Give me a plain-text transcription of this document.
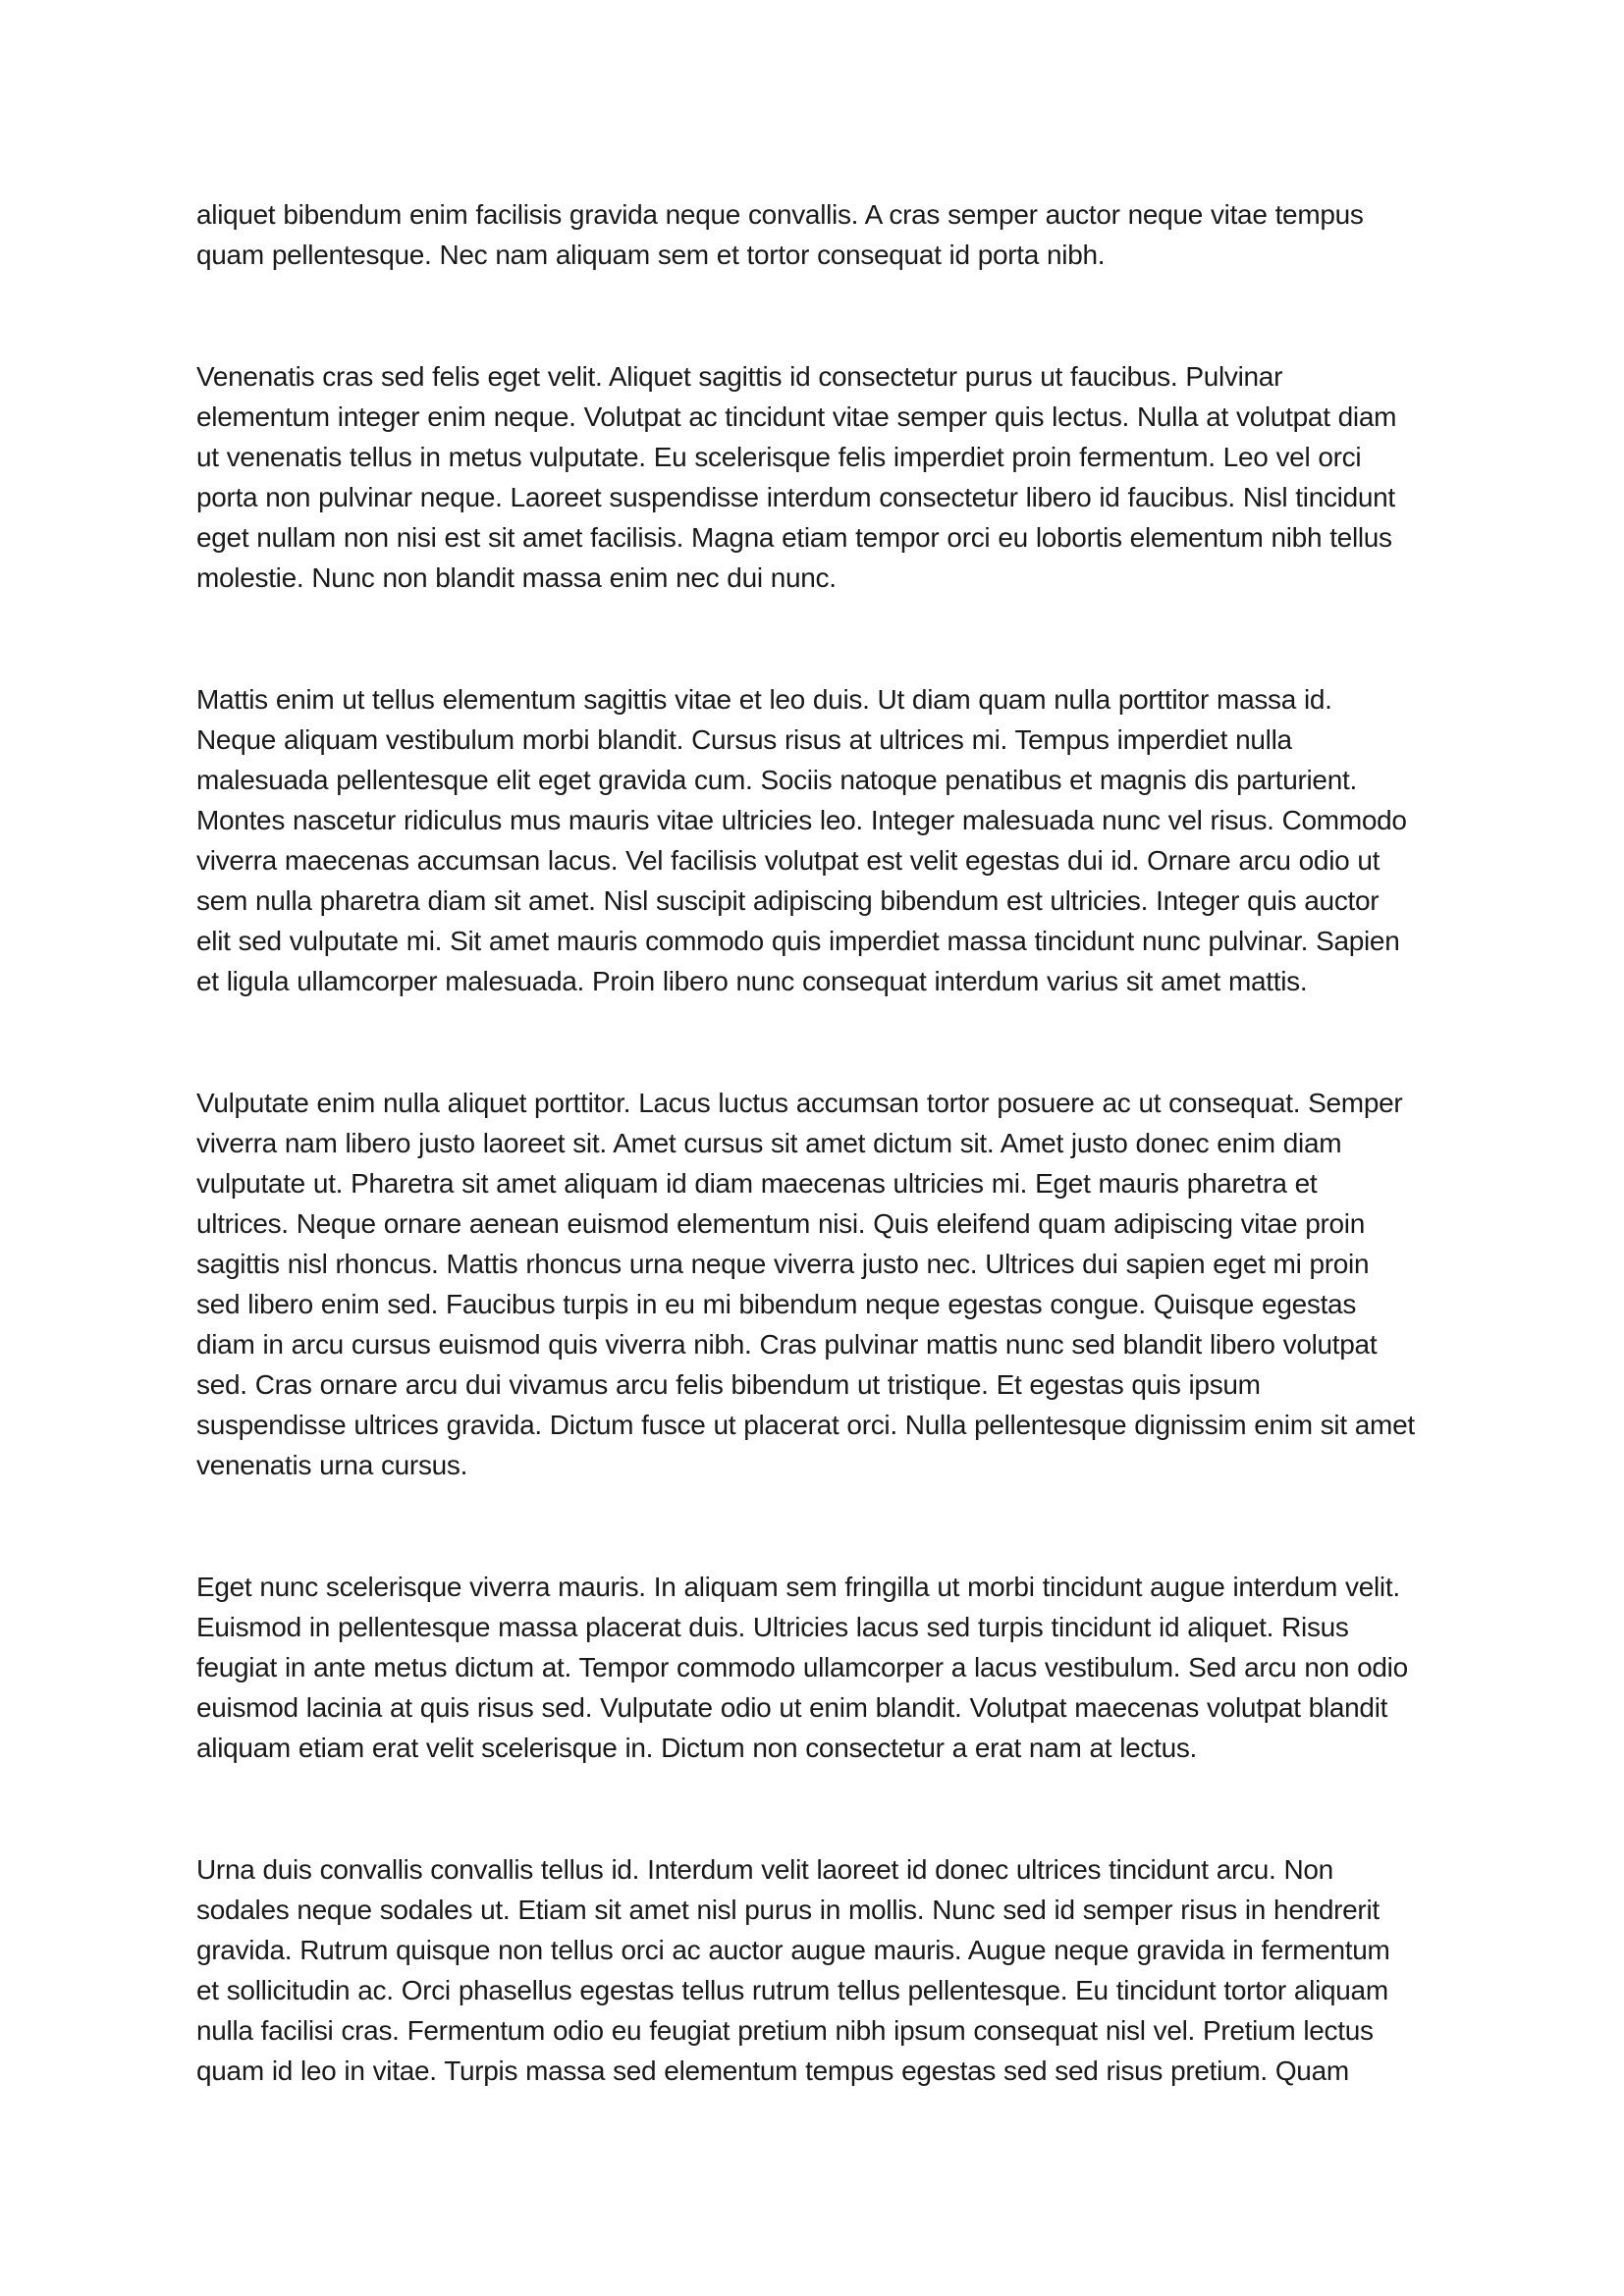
aliquet bibendum enim facilisis gravida neque convallis. A cras semper auctor neque vitae tempus quam pellentesque. Nec nam aliquam sem et tortor consequat id porta nibh.

Venenatis cras sed felis eget velit. Aliquet sagittis id consectetur purus ut faucibus. Pulvinar elementum integer enim neque. Volutpat ac tincidunt vitae semper quis lectus. Nulla at volutpat diam ut venenatis tellus in metus vulputate. Eu scelerisque felis imperdiet proin fermentum. Leo vel orci porta non pulvinar neque. Laoreet suspendisse interdum consectetur libero id faucibus. Nisl tincidunt eget nullam non nisi est sit amet facilisis. Magna etiam tempor orci eu lobortis elementum nibh tellus molestie. Nunc non blandit massa enim nec dui nunc.

Mattis enim ut tellus elementum sagittis vitae et leo duis. Ut diam quam nulla porttitor massa id. Neque aliquam vestibulum morbi blandit. Cursus risus at ultrices mi. Tempus imperdiet nulla malesuada pellentesque elit eget gravida cum. Sociis natoque penatibus et magnis dis parturient. Montes nascetur ridiculus mus mauris vitae ultricies leo. Integer malesuada nunc vel risus. Commodo viverra maecenas accumsan lacus. Vel facilisis volutpat est velit egestas dui id. Ornare arcu odio ut sem nulla pharetra diam sit amet. Nisl suscipit adipiscing bibendum est ultricies. Integer quis auctor elit sed vulputate mi. Sit amet mauris commodo quis imperdiet massa tincidunt nunc pulvinar. Sapien et ligula ullamcorper malesuada. Proin libero nunc consequat interdum varius sit amet mattis.

Vulputate enim nulla aliquet porttitor. Lacus luctus accumsan tortor posuere ac ut consequat. Semper viverra nam libero justo laoreet sit. Amet cursus sit amet dictum sit. Amet justo donec enim diam vulputate ut. Pharetra sit amet aliquam id diam maecenas ultricies mi. Eget mauris pharetra et ultrices. Neque ornare aenean euismod elementum nisi. Quis eleifend quam adipiscing vitae proin sagittis nisl rhoncus. Mattis rhoncus urna neque viverra justo nec. Ultrices dui sapien eget mi proin sed libero enim sed. Faucibus turpis in eu mi bibendum neque egestas congue. Quisque egestas diam in arcu cursus euismod quis viverra nibh. Cras pulvinar mattis nunc sed blandit libero volutpat sed. Cras ornare arcu dui vivamus arcu felis bibendum ut tristique. Et egestas quis ipsum suspendisse ultrices gravida. Dictum fusce ut placerat orci. Nulla pellentesque dignissim enim sit amet venenatis urna cursus.

Eget nunc scelerisque viverra mauris. In aliquam sem fringilla ut morbi tincidunt augue interdum velit. Euismod in pellentesque massa placerat duis. Ultricies lacus sed turpis tincidunt id aliquet. Risus feugiat in ante metus dictum at. Tempor commodo ullamcorper a lacus vestibulum. Sed arcu non odio euismod lacinia at quis risus sed. Vulputate odio ut enim blandit. Volutpat maecenas volutpat blandit aliquam etiam erat velit scelerisque in. Dictum non consectetur a erat nam at lectus.

Urna duis convallis convallis tellus id. Interdum velit laoreet id donec ultrices tincidunt arcu. Non sodales neque sodales ut. Etiam sit amet nisl purus in mollis. Nunc sed id semper risus in hendrerit gravida. Rutrum quisque non tellus orci ac auctor augue mauris. Augue neque gravida in fermentum et sollicitudin ac. Orci phasellus egestas tellus rutrum tellus pellentesque. Eu tincidunt tortor aliquam nulla facilisi cras. Fermentum odio eu feugiat pretium nibh ipsum consequat nisl vel. Pretium lectus quam id leo in vitae. Turpis massa sed elementum tempus egestas sed sed risus pretium. Quam
